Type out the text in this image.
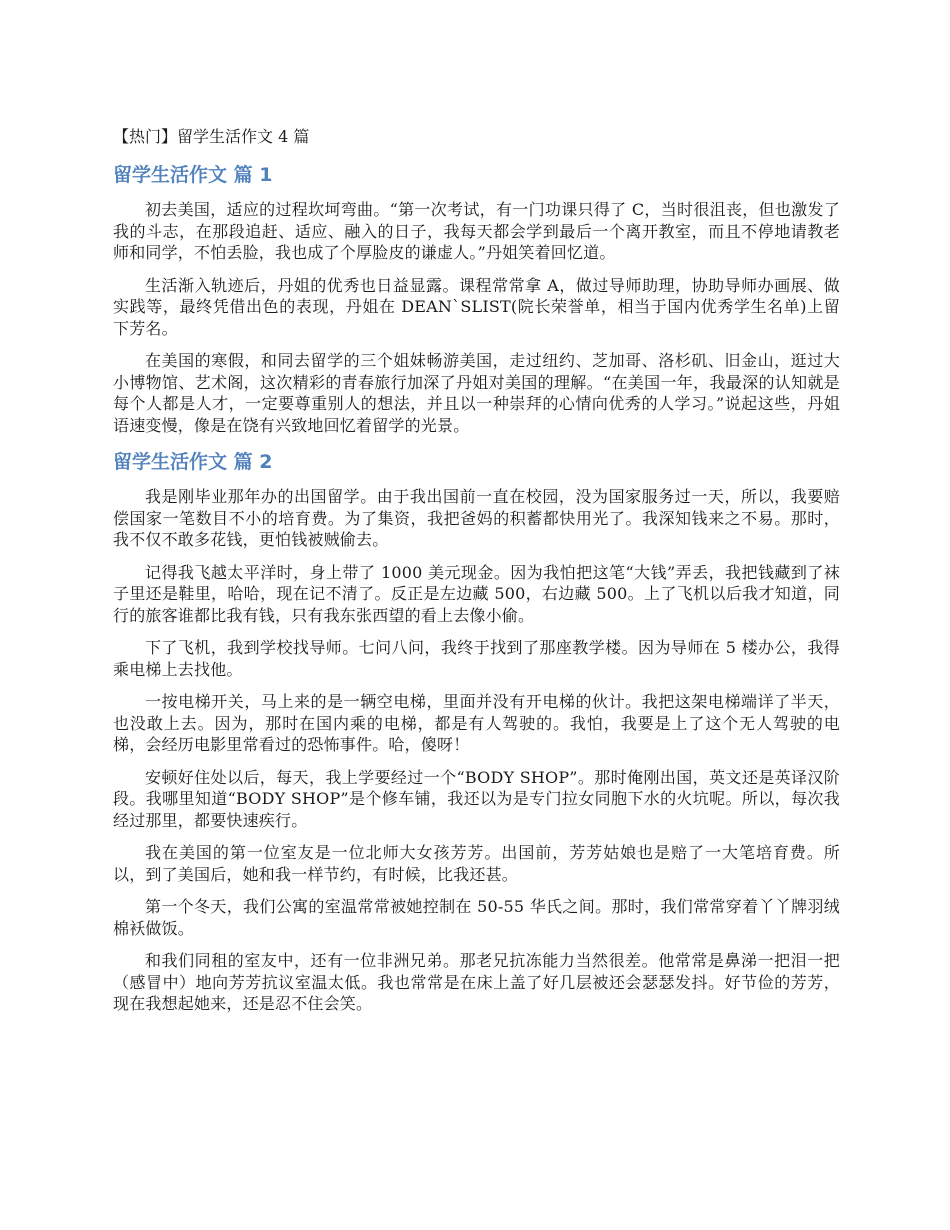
【热门】留学生活作文 4 篇
留学生活作文 篇 1

初去美国，适应的过程坎坷弯曲。“第一次考试，有一门功课只得了 C，当时很沮丧，但也激发了我的斗志，在那段追赶、适应、融入的日子，我每天都会学到最后一个离开教室，而且不停地请教老师和同学，不怕丢脸，我也成了个厚脸皮的谦虚人。”丹姐笑着回忆道。

生活渐入轨迹后，丹姐的优秀也日益显露。课程常常拿 A，做过导师助理，协助导师办画展、做实践等，最终凭借出色的表现，丹姐在 DEAN`SLIST(院长荣誉单，相当于国内优秀学生名单)上留下芳名。

在美国的寒假，和同去留学的三个姐妹畅游美国，走过纽约、芝加哥、洛杉矶、旧金山，逛过大小博物馆、艺术阁，这次精彩的青春旅行加深了丹姐对美国的理解。“在美国一年，我最深的认知就是每个人都是人才，一定要尊重别人的想法，并且以一种崇拜的心情向优秀的人学习。”说起这些，丹姐语速变慢，像是在饶有兴致地回忆着留学的光景。

留学生活作文 篇 2

我是刚毕业那年办的出国留学。由于我出国前一直在校园，没为国家服务过一天，所以，我要赔偿国家一笔数目不小的培育费。为了集资，我把爸妈的积蓄都快用光了。我深知钱来之不易。那时，我不仅不敢多花钱，更怕钱被贼偷去。

记得我飞越太平洋时，身上带了 1000 美元现金。因为我怕把这笔“大钱”弄丢，我把钱藏到了袜子里还是鞋里，哈哈，现在记不清了。反正是左边藏 500，右边藏 500。上了飞机以后我才知道，同行的旅客谁都比我有钱，只有我东张西望的看上去像小偷。

下了飞机，我到学校找导师。七问八问，我终于找到了那座教学楼。因为导师在 5 楼办公，我得乘电梯上去找他。

一按电梯开关，马上来的是一辆空电梯，里面并没有开电梯的伙计。我把这架电梯端详了半天，也没敢上去。因为，那时在国内乘的电梯，都是有人驾驶的。我怕，我要是上了这个无人驾驶的电梯，会经历电影里常看过的恐怖事件。哈，傻呀！

安顿好住处以后，每天，我上学要经过一个“BODY SHOP”。那时俺刚出国，英文还是英译汉阶段。我哪里知道“BODY SHOP”是个修车铺，我还以为是专门拉女同胞下水的火坑呢。所以，每次我经过那里，都要快速疾行。

我在美国的第一位室友是一位北师大女孩芳芳。出国前，芳芳姑娘也是赔了一大笔培育费。所以，到了美国后，她和我一样节约，有时候，比我还甚。

第一个冬天，我们公寓的室温常常被她控制在 50-55 华氏之间。那时，我们常常穿着丫丫牌羽绒棉袄做饭。

和我们同租的室友中，还有一位非洲兄弟。那老兄抗冻能力当然很差。他常常是鼻涕一把泪一把（感冒中）地向芳芳抗议室温太低。我也常常是在床上盖了好几层被还会瑟瑟发抖。好节俭的芳芳，现在我想起她来，还是忍不住会笑。
